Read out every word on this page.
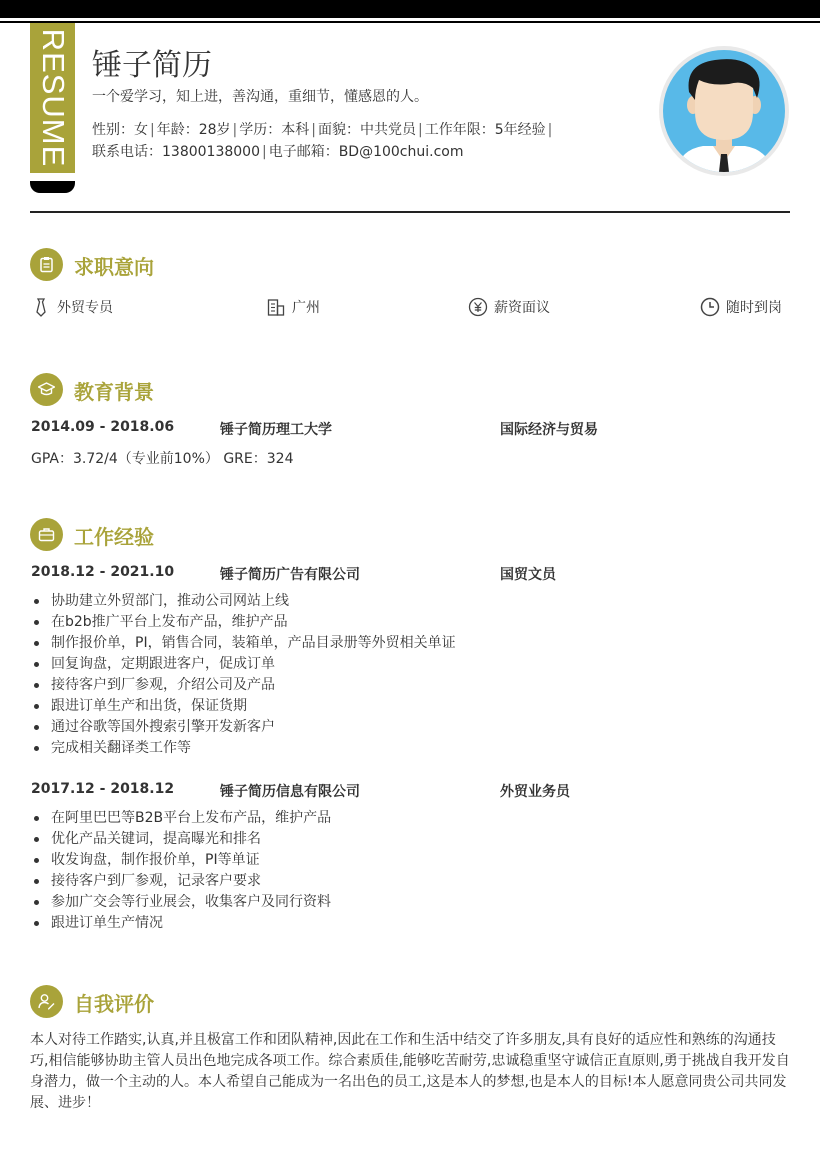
RESUME 锤子简历
一个爱学习，知上进，善沟通，重细节，懂感恩的人。
性别：女 | 年龄：28岁 | 学历：本科 | 面貌：中共党员 | 工作年限：5年经验 |
联系电话：13800138000 | 电子邮箱：BD@100chui.com
求职意向
外贸专员	广州	薪资面议	随时到岗
教育背景
2014.09 - 2018.06	锤子简历理工大学	国际经济与贸易
GPA：3.72/4（专业前10%） GRE：324
工作经验
2018.12 - 2021.10	锤子简历广告有限公司	国贸文员
协助建立外贸部门，推动公司网站上线
在b2b推广平台上发布产品，维护产品
制作报价单，PI，销售合同，装箱单，产品目录册等外贸相关单证
回复询盘，定期跟进客户，促成订单
接待客户到厂参观，介绍公司及产品
跟进订单生产和出货，保证货期
通过谷歌等国外搜索引擎开发新客户
完成相关翻译类工作等
2017.12 - 2018.12	锤子简历信息有限公司	外贸业务员
在阿里巴巴等B2B平台上发布产品，维护产品
优化产品关键词，提高曝光和排名
收发询盘，制作报价单，PI等单证
接待客户到厂参观，记录客户要求
参加广交会等行业展会，收集客户及同行资料
跟进订单生产情况
自我评价
本人对待工作踏实,认真,并且极富工作和团队精神,因此在工作和生活中结交了许多朋友,具有良好的适应性和熟练的沟通技巧,相信能够协助主管人员出色地完成各项工作。综合素质佳,能够吃苦耐劳,忠诚稳重坚守诚信正直原则,勇于挑战自我开发自身潜力，做一个主动的人。本人希望自己能成为一名出色的员工,这是本人的梦想,也是本人的目标!本人愿意同贵公司共同发展、进步！
